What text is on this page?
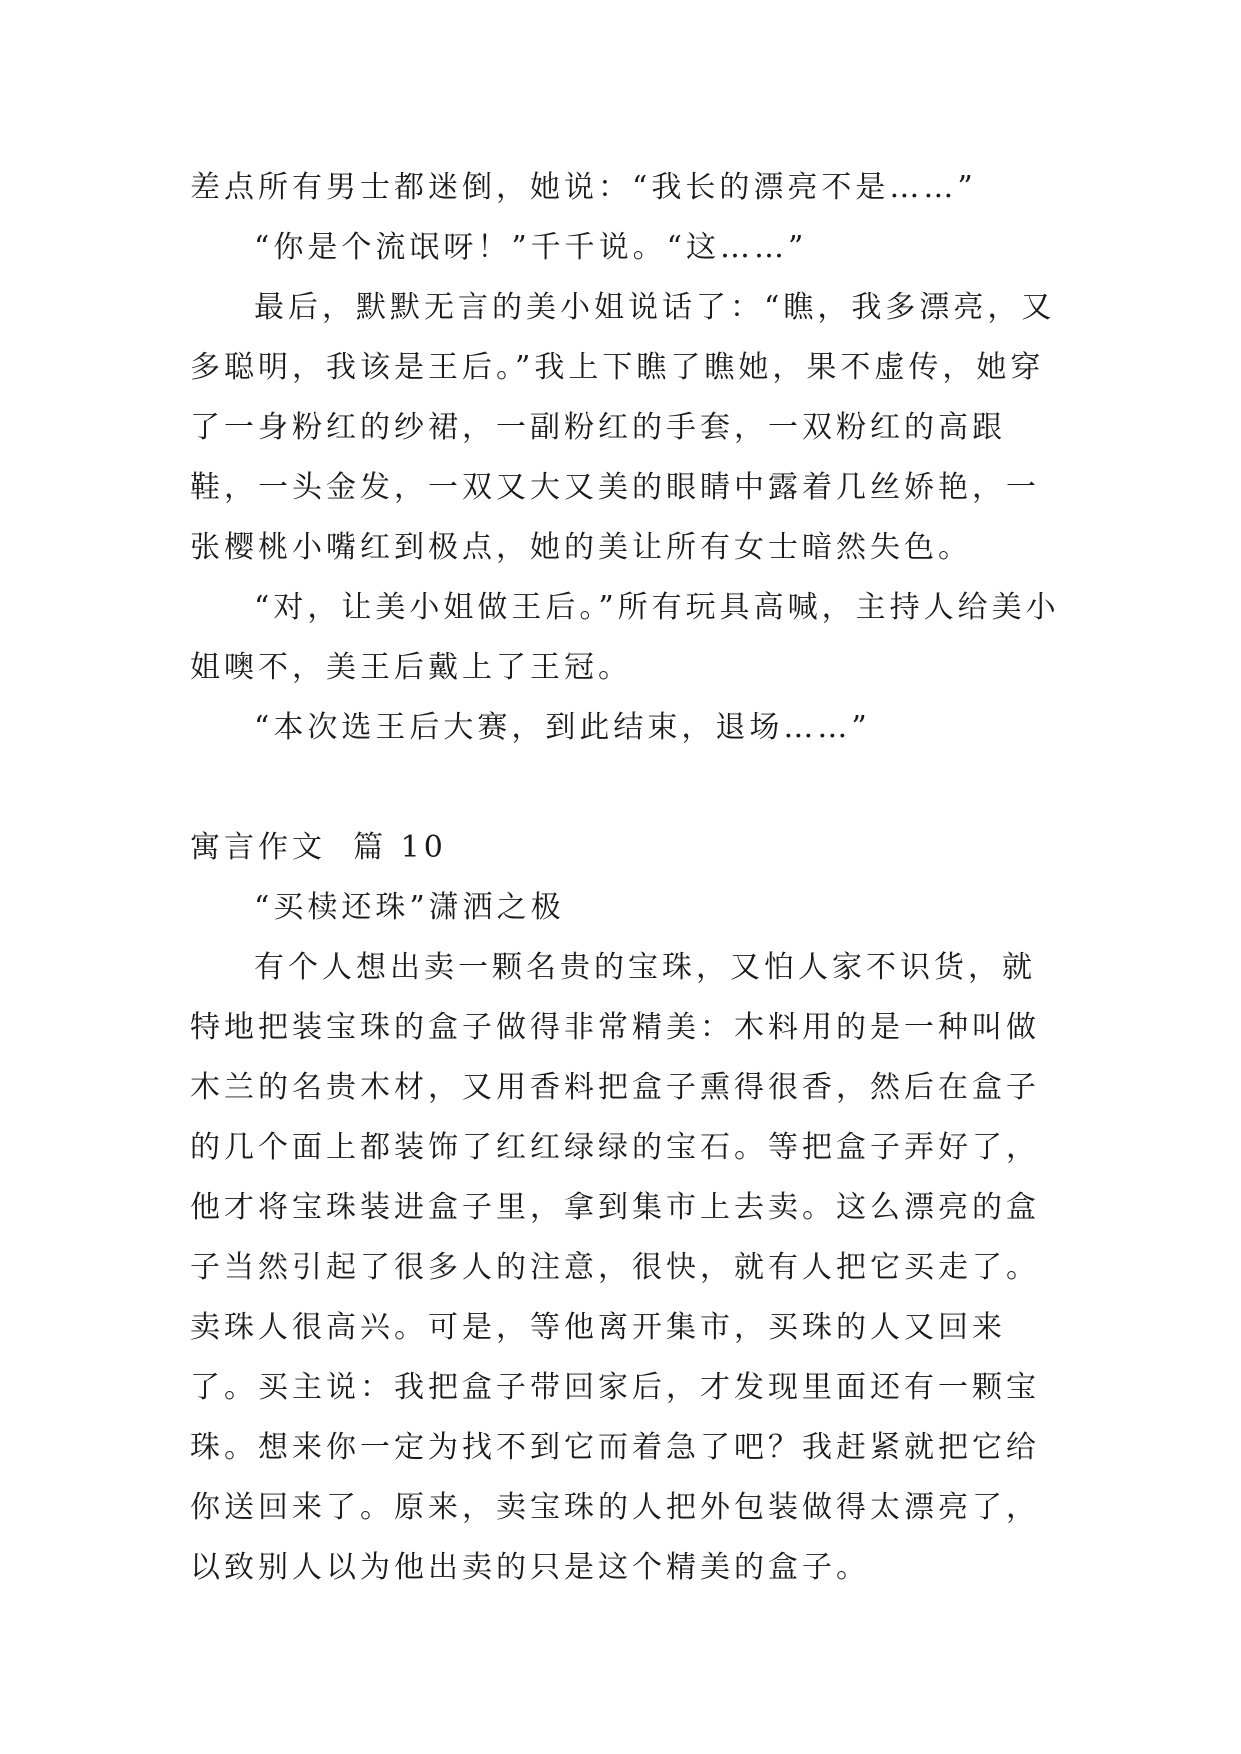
差点所有男士都迷倒，她说：“我长的漂亮不是……”

“你是个流氓呀！”千千说。“这……”

最后，默默无言的美小姐说话了：“瞧，我多漂亮，又多聪明，我该是王后。”我上下瞧了瞧她，果不虚传，她穿了一身粉红的纱裙，一副粉红的手套，一双粉红的高跟鞋，一头金发，一双又大又美的眼睛中露着几丝娇艳，一张樱桃小嘴红到极点，她的美让所有女士暗然失色。

“对，让美小姐做王后。”所有玩具高喊，主持人给美小姐噢不，美王后戴上了王冠。

“本次选王后大赛，到此结束，退场……”

寓言作文  篇 10

“买椟还珠”潇洒之极

有个人想出卖一颗名贵的宝珠，又怕人家不识货，就特地把装宝珠的盒子做得非常精美：木料用的是一种叫做木兰的名贵木材，又用香料把盒子熏得很香，然后在盒子的几个面上都装饰了红红绿绿的宝石。等把盒子弄好了，他才将宝珠装进盒子里，拿到集市上去卖。这么漂亮的盒子当然引起了很多人的注意，很快，就有人把它买走了。卖珠人很高兴。可是，等他离开集市，买珠的人又回来了。买主说：我把盒子带回家后，才发现里面还有一颗宝珠。想来你一定为找不到它而着急了吧？我赶紧就把它给你送回来了。原来，卖宝珠的人把外包装做得太漂亮了，以致别人以为他出卖的只是这个精美的盒子。
